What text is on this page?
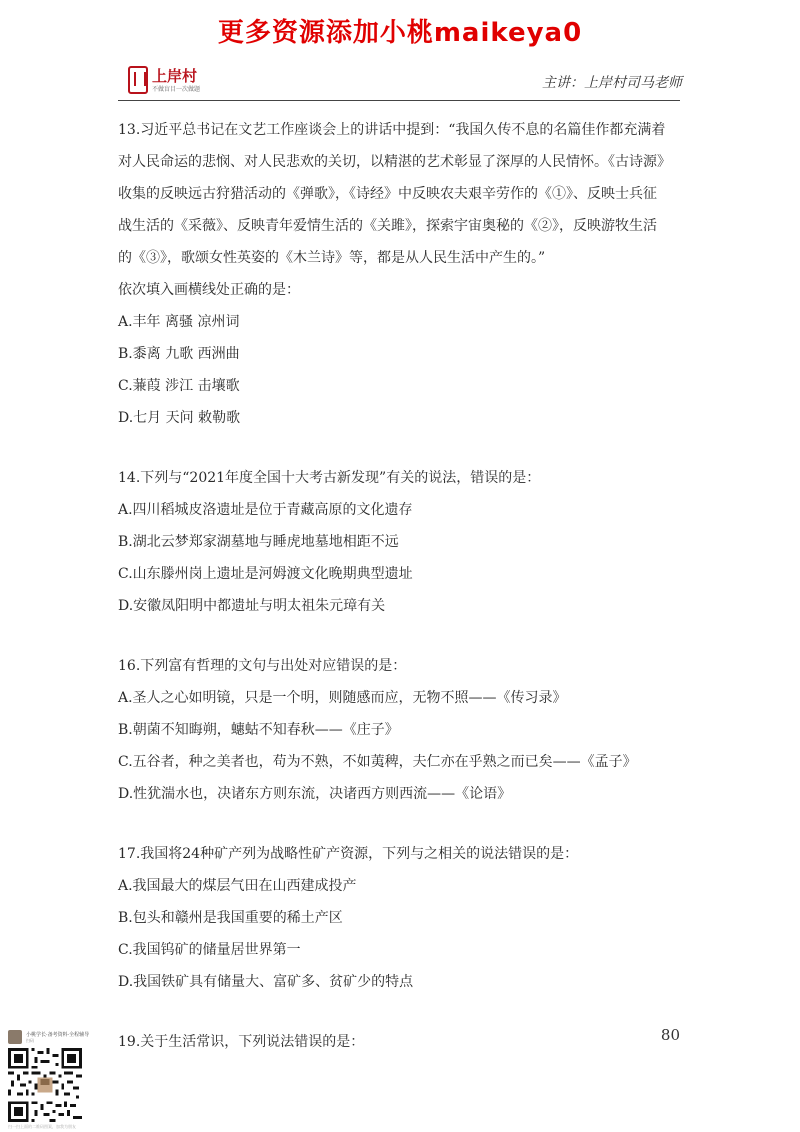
更多资源添加小桃maikeya0
上岸村
不做盲目一次做题	主讲：上岸村司马老师
13.习近平总书记在文艺工作座谈会上的讲话中提到：“我国久传不息的名篇佳作都充满着
对人民命运的悲悯、对人民悲欢的关切，以精湛的艺术彰显了深厚的人民情怀。《古诗源》
收集的反映远古狩猎活动的《弹歌》，《诗经》中反映农夫艰辛劳作的《①》、反映士兵征
战生活的《采薇》、反映青年爱情生活的《关雎》，探索宇宙奥秘的《②》，反映游牧生活
的《③》，歌颂女性英姿的《木兰诗》等，都是从人民生活中产生的。”
依次填入画横线处正确的是：
A.丰年 离骚 凉州词
B.黍离 九歌 西洲曲
C.蒹葭 涉江 击壤歌
D.七月 天问 敕勒歌
14.下列与“2021年度全国十大考古新发现”有关的说法，错误的是：
A.四川稻城皮洛遗址是位于青藏高原的文化遗存
B.湖北云梦郑家湖墓地与睡虎地墓地相距不远
C.山东滕州岗上遗址是河姆渡文化晚期典型遗址
D.安徽凤阳明中都遗址与明太祖朱元璋有关
16.下列富有哲理的文句与出处对应错误的是：
A.圣人之心如明镜，只是一个明，则随感而应，无物不照——《传习录》
B.朝菌不知晦朔，蟪蛄不知春秋——《庄子》
C.五谷者，种之美者也，苟为不熟，不如荑稗，夫仁亦在乎熟之而已矣——《孟子》
D.性犹湍水也，决诸东方则东流，决诸西方则西流——《论语》
17.我国将24种矿产列为战略性矿产资源，下列与之相关的说法错误的是：
A.我国最大的煤层气田在山西建成投产
B.包头和赣州是我国重要的稀土产区
C.我国钨矿的储量居世界第一
D.我国铁矿具有储量大、富矿多、贫矿少的特点
19.关于生活常识，下列说法错误的是：	80
小桃学长·备考资料·全程辅导
扫码
扫一扫上面的二维码图案，加我为朋友
